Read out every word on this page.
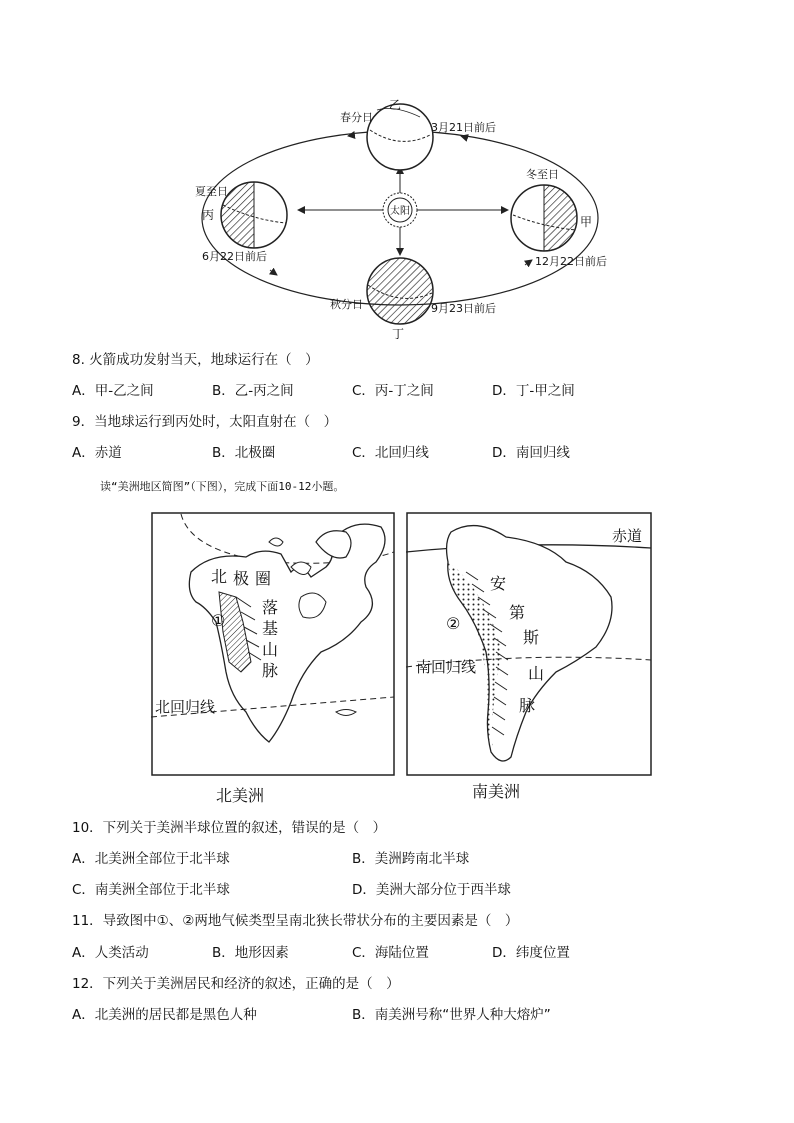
太阳
乙
春分日
3月21日前后
甲
冬至日
12月22日前后
丙
夏至日
6月22日前后
丁
秋分日	9月23日前后
8. 火箭成功发射当天，地球运行在（　）
A．甲-乙之间	B．乙-丙之间	C．丙-丁之间	D．丁-甲之间
9．当地球运行到丙处时，太阳直射在（　）
A．赤道	B．北极圈	C．北回归线	D．南回归线
读“美洲地区简图”（下图），完成下面10-12小题。
北 极 圈
落
基
山
脉
①
北回归线
北美洲
赤道
安
第
斯
山
脉
②
南回归线
南美洲
10．下列关于美洲半球位置的叙述，错误的是（　）
A．北美洲全部位于北半球	B．美洲跨南北半球
C．南美洲全部位于北半球	D．美洲大部分位于西半球
11．导致图中①、②两地气候类型呈南北狭长带状分布的主要因素是（　）
A．人类活动	B．地形因素	C．海陆位置	D．纬度位置
12．下列关于美洲居民和经济的叙述，正确的是（　）
A．北美洲的居民都是黑色人种	B．南美洲号称“世界人种大熔炉”
